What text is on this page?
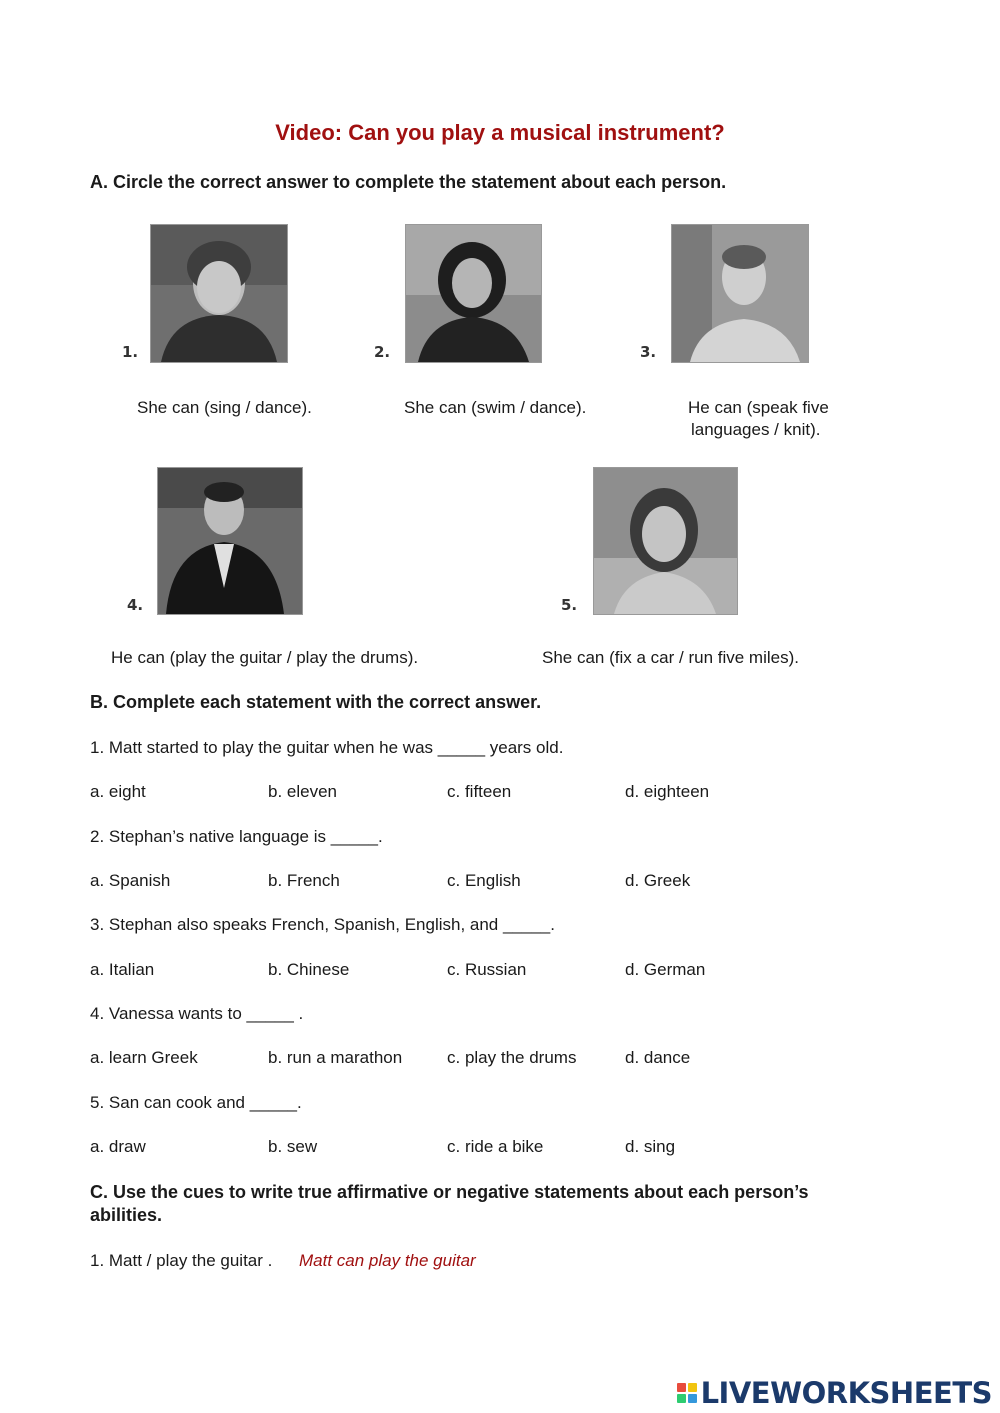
Video: Can you play a musical instrument?
A. Circle the correct answer to complete the statement about each person.
1.
She can (sing / dance).
2.
She can (swim / dance).
3.
He can (speak five
languages / knit).
4.
He can (play the guitar / play the drums).
5.
She can (fix a car / run five miles).
B. Complete each statement with the correct answer.
1. Matt started to play the guitar when he was _____ years old.
a. eight	b. eleven	c. fifteen	d. eighteen
2. Stephan’s native language is _____.
a. Spanish	b. French	c. English	d. Greek
3. Stephan also speaks French, Spanish, English, and _____.
a. Italian	b. Chinese	c. Russian	d. German
4. Vanessa wants to _____ .
a. learn Greek	b. run a marathon	c. play the drums	d. dance
5. San can cook and _____.
a. draw	b. sew	c. ride a bike	d. sing
C. Use the cues to write true affirmative or negative statements about each person’s
abilities.
1. Matt / play the guitar . Matt can play the guitar
LIVEWORKSHEETS
